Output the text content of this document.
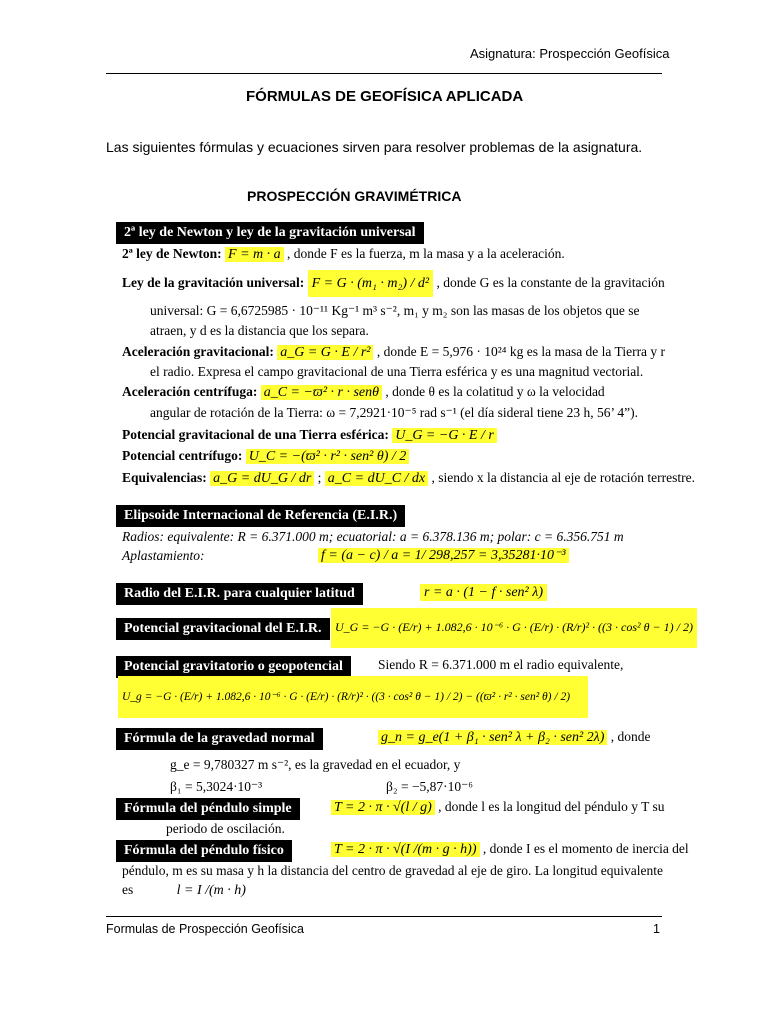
Asignatura: Prospección Geofísica
FÓRMULAS DE GEOFÍSICA APLICADA
Las siguientes fórmulas y ecuaciones sirven para resolver problemas de la asignatura.
PROSPECCIÓN GRAVIMÉTRICA
2ª ley de Newton y ley de la gravitación universal
2ª ley de Newton: F = m · a , donde F es la fuerza, m la masa y a la aceleración.
Ley de la gravitación universal: F = G · (m₁ · m₂) / d² , donde G es la constante de la gravitación
universal: G = 6,6725985 · 10⁻¹¹ Kg⁻¹ m³ s⁻², m₁ y m₂ son las masas de los objetos que se
atraen, y d es la distancia que los separa.
Aceleración gravitacional: a_G = G · E / r² , donde E = 5,976 · 10²⁴ kg es la masa de la Tierra y r
el radio. Expresa el campo gravitacional de una Tierra esférica y es una magnitud vectorial.
Aceleración centrífuga: a_C = −ϖ² · r · senθ , donde θ es la colatitud y ω la velocidad
angular de rotación de la Tierra: ω = 7,2921·10⁻⁵ rad s⁻¹ (el día sideral tiene 23 h, 56’ 4”).
Potencial gravitacional de una Tierra esférica: U_G = −G · E / r
Potencial centrífugo: U_C = −(ϖ² · r² · sen² θ) / 2
Equivalencias: a_G = dU_G / dr ; a_C = dU_C / dx , siendo x la distancia al eje de rotación terrestre.
Elipsoide Internacional de Referencia (E.I.R.)
Radios: equivalente: R = 6.371.000 m; ecuatorial: a = 6.378.136 m; polar: c = 6.356.751 m
Aplastamiento:	f = (a − c) / a = 1/ 298,257 = 3,35281·10⁻³
Radio del E.I.R. para cualquier latitud	r = a · (1 − f · sen² λ)
Potencial gravitacional del E.I.R.	U_G = −G · (E/r) + 1.082,6 · 10⁻⁶ · G · (E/r) · (R/r)² · ((3 · cos² θ − 1) / 2)
Potencial gravitatorio o geopotencial	Siendo R = 6.371.000 m el radio equivalente,
U_g = −G · (E/r) + 1.082,6 · 10⁻⁶ · G · (E/r) · (R/r)² · ((3 · cos² θ − 1) / 2) − ((ϖ² · r² · sen² θ) / 2)
Fórmula de la gravedad normal	g_n = g_e(1 + β₁ · sen² λ + β₂ · sen² 2λ) , donde
g_e = 9,780327 m s⁻², es la gravedad en el ecuador, y
β₁ = 5,3024·10⁻³	β₂ = −5,87·10⁻⁶
Fórmula del péndulo simple	T = 2 · π · √(l / g) , donde l es la longitud del péndulo y T su
periodo de oscilación.
Fórmula del péndulo físico	T = 2 · π · √(I /(m · g · h)) , donde I es el momento de inercia del
péndulo, m es su masa y h la distancia del centro de gravedad al eje de giro. La longitud equivalente
es	l = I /(m · h)
Formulas de Prospección Geofísica	1
